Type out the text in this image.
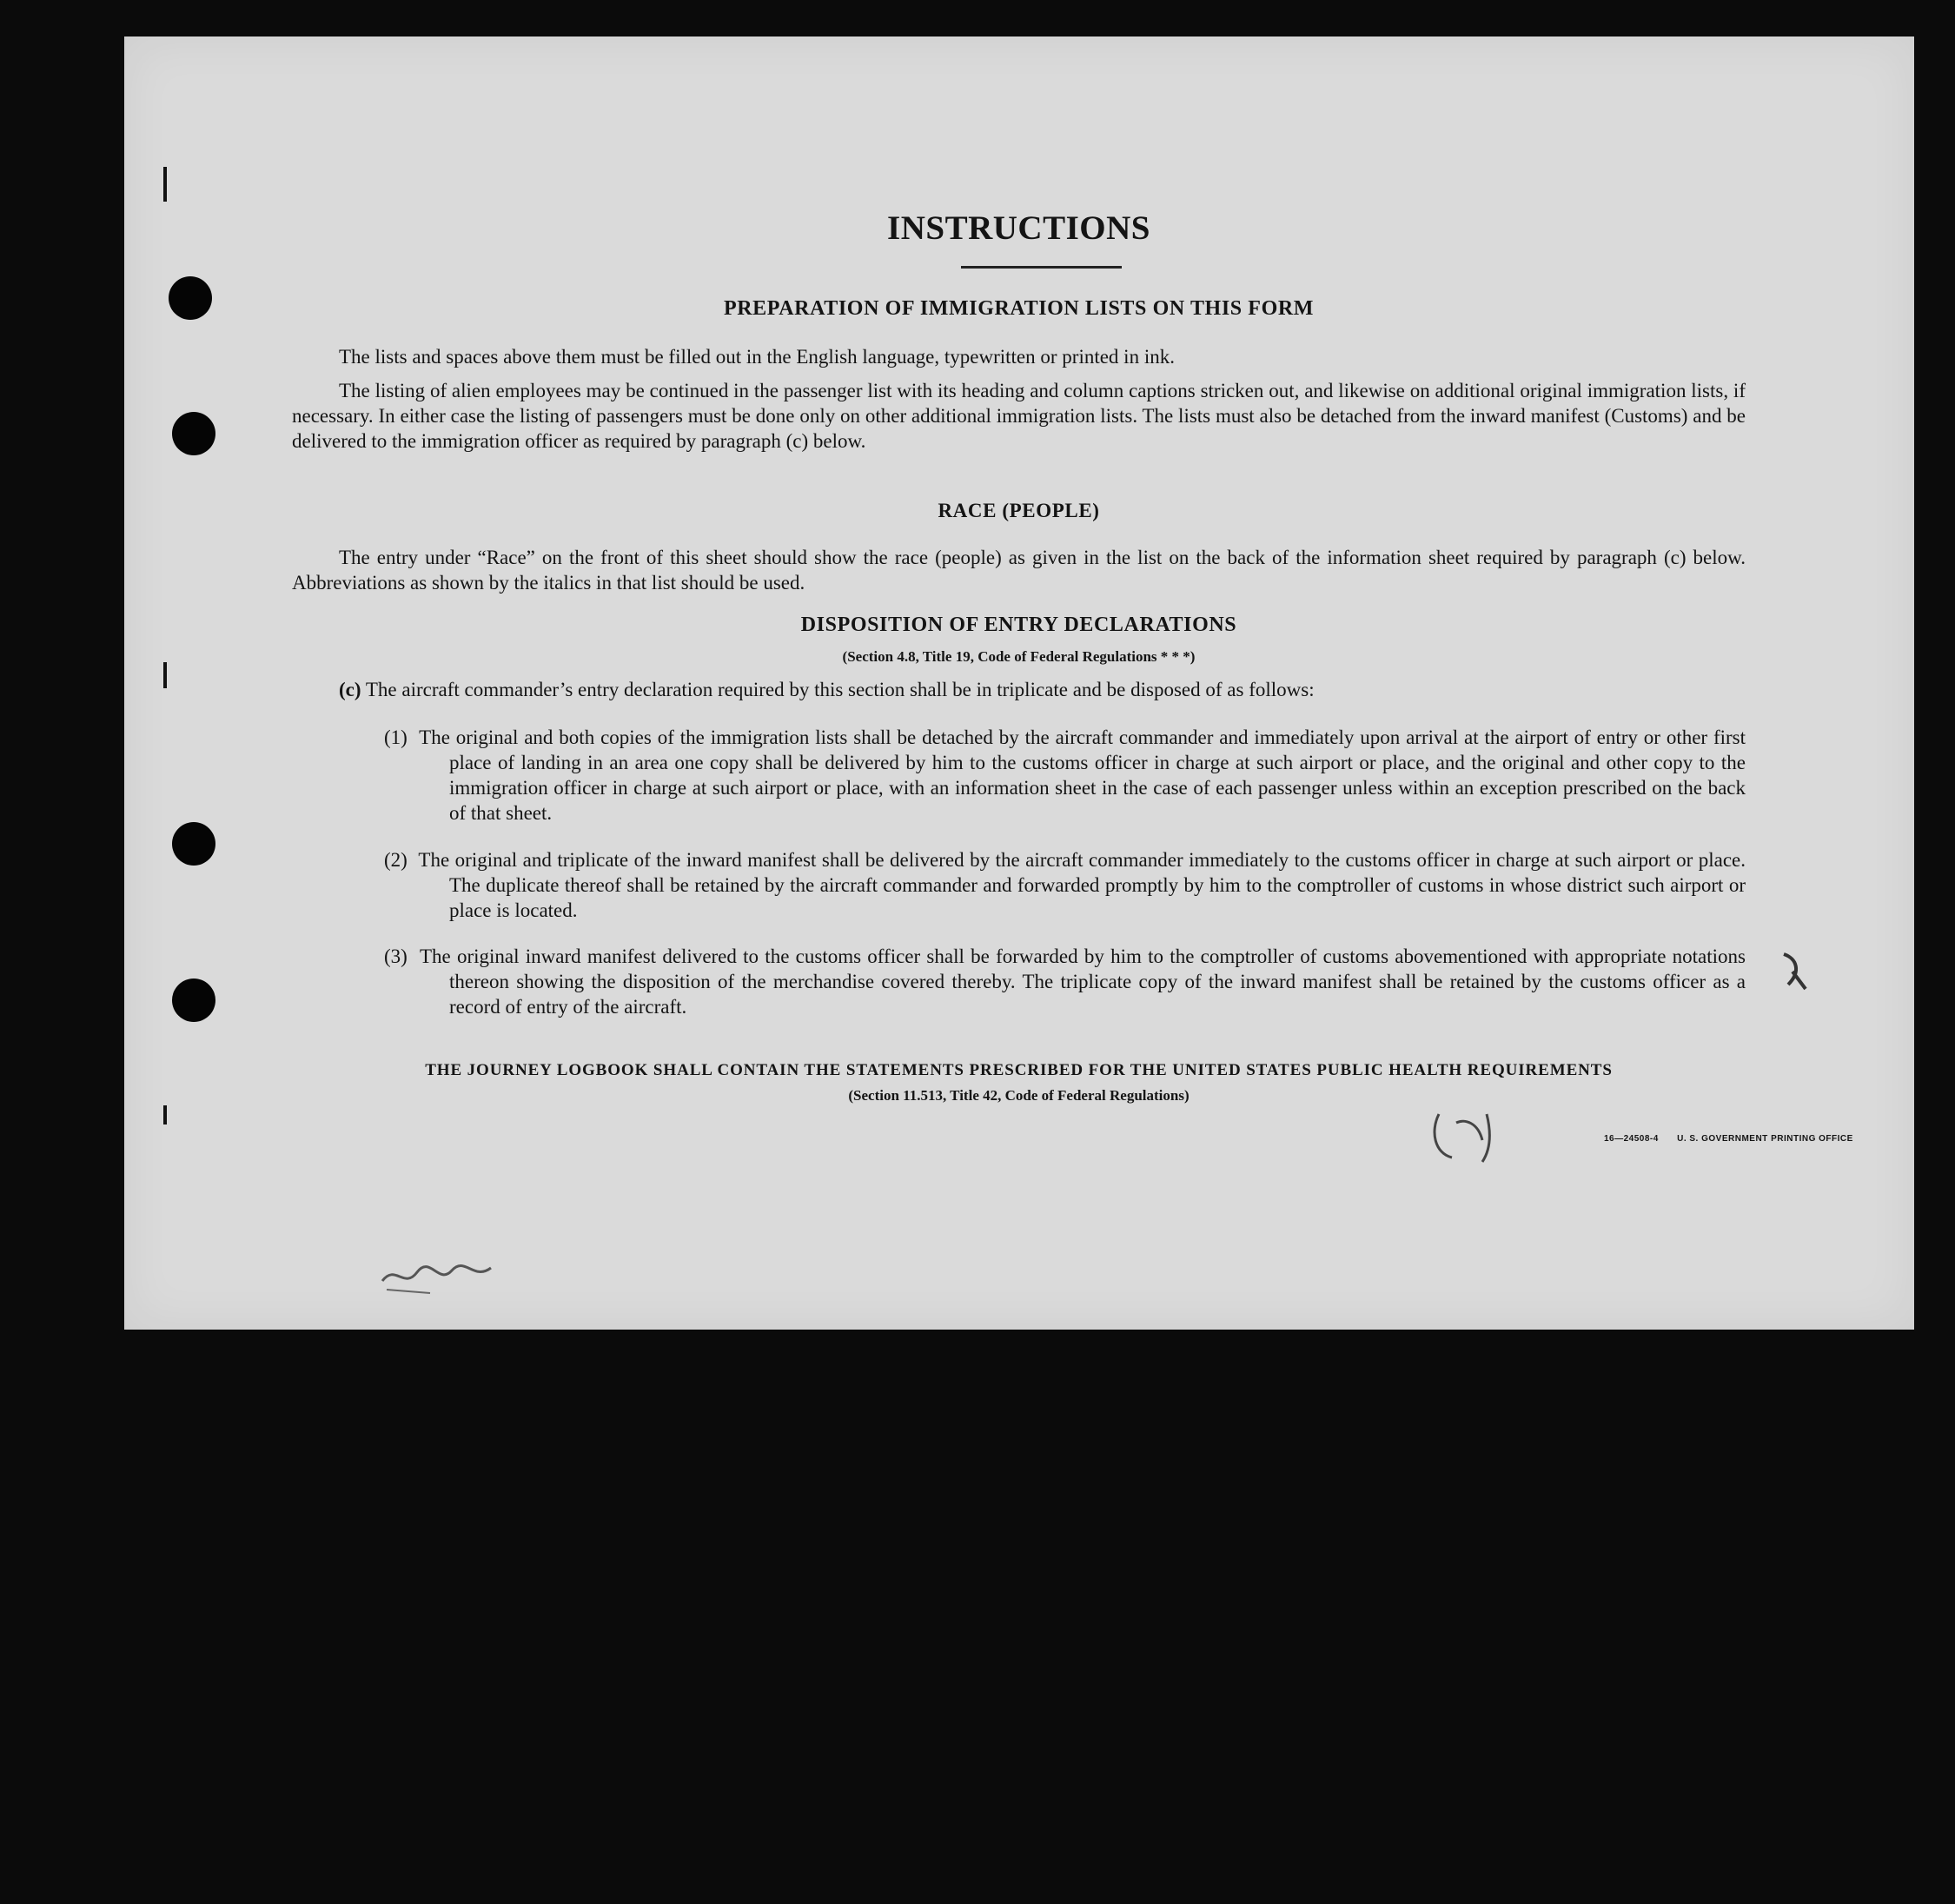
INSTRUCTIONS
PREPARATION OF IMMIGRATION LISTS ON THIS FORM
The lists and spaces above them must be filled out in the English language, typewritten or printed in ink.
The listing of alien employees may be continued in the passenger list with its heading and column captions stricken out, and likewise on additional original immigration lists, if necessary. In either case the listing of passengers must be done only on other additional immigration lists. The lists must also be detached from the inward manifest (Customs) and be delivered to the immigration officer as required by paragraph (c) below.
RACE (PEOPLE)
The entry under “Race” on the front of this sheet should show the race (people) as given in the list on the back of the information sheet required by paragraph (c) below. Abbreviations as shown by the italics in that list should be used.
DISPOSITION OF ENTRY DECLARATIONS
(Section 4.8, Title 19, Code of Federal Regulations * * *)
(c) The aircraft commander’s entry declaration required by this section shall be in triplicate and be disposed of as follows:
(1) The original and both copies of the immigration lists shall be detached by the aircraft commander and immediately upon arrival at the airport of entry or other first place of landing in an area one copy shall be delivered by him to the customs officer in charge at such airport or place, and the original and other copy to the immigration officer in charge at such airport or place, with an information sheet in the case of each passenger unless within an exception prescribed on the back of that sheet.
(2) The original and triplicate of the inward manifest shall be delivered by the aircraft commander immediately to the customs officer in charge at such airport or place. The duplicate thereof shall be retained by the aircraft commander and forwarded promptly by him to the comptroller of customs in whose district such airport or place is located.
(3) The original inward manifest delivered to the customs officer shall be forwarded by him to the comptroller of customs abovementioned with appropriate notations thereon showing the disposition of the merchandise covered thereby. The triplicate copy of the inward manifest shall be retained by the customs officer as a record of entry of the aircraft.
THE JOURNEY LOGBOOK SHALL CONTAIN THE STATEMENTS PRESCRIBED FOR THE UNITED STATES PUBLIC HEALTH REQUIREMENTS
(Section 11.513, Title 42, Code of Federal Regulations)
16—24508-4 U. S. GOVERNMENT PRINTING OFFICE
